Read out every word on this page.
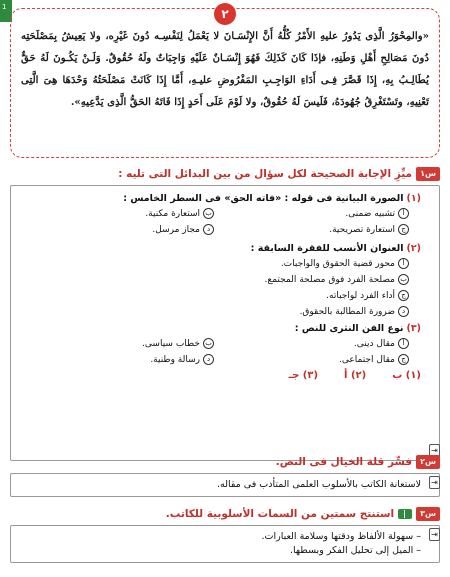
1	٢

«والمِحْوَرُ الَّذِى يَدُورُ عليهِ الأَمْرُ كُلُّهُ أَنَّ الإِنْسَـانَ لا يَعْمَلُ لِنَفْسِـه دُونَ غَيْرِه، ولا يَعِيشُ بِمَصْلَحَتِه دُونَ مَصَالِحِ أَهْلِ وَطَنِهِ، فإذَا كَانَ كَذَلِكَ فَهُوَ إِنْسَـانٌ عَلَيْهِ وَاجِبَاتٌ ولَهُ حُقُوقٌ. وَلَـنْ يَكُـونَ لَهُ حَقٌّ يُطَالِـبُ بِهِ، إِذَا قَصَّرَ فِـى أَدَاءِ الوَاجِـبِ المَفْرُوضِ عليـهِ، أَمَّا إِذَا كَانَتْ مَصْلَحَتُهُ وَحْدَهَا هِىَ الَّتِى تَعْنِيهِ، وتَسْتَغْرِقُ جُهُودَهُ، فَلَيسَ لَهُ حُقُوقٌ، ولا لَوْمَ عَلَى أَحَدٍ إِذَا فَاتَهُ الحَقُّ الَّذِى يَدَّعِيهِ».

س١
ميِّزِ الإجابة الصحيحة لكل سؤال من بين البدائل التى تليه :
(١)
الصورة البيانية فى قوله : «فاته الحق» فى السطر الخامس :
أ
تشبيه ضمنى.
ب
استعارة مكنية.
ج
استعارة تصريحية.
د
مجاز مرسل.
(٢)
العنوان الأنسب للفقرة السابقة :
أ
محور قضية الحقوق والواجبات.
ب
مصلحة الفرد فوق مصلحة المجتمع.
ج
أداء الفرد لواجباته.
د
ضرورة المطالبة بالحقوق.
(٣)
نوع الفن النثرى للنص :
أ
مقال دينى.
ب
خطاب سياسى.
ج
مقال اجتماعى.
د
رسالة وطنية.
⇥
(١) ب
(٢) أ
(٣) جـ
س٢
فسِّر قلة الخيال فى النص.
⇥

لاستعانة الكاتب بالأسلوب العلمى المتأدب فى مقاله.

س٣
استنتج سمتين من السمات الأسلوبية للكاتب.
⇥

– سهولة الألفاظ ودقتها وسلامة العبارات.

– الميل إلى تحليل الفكر وبسطها.
